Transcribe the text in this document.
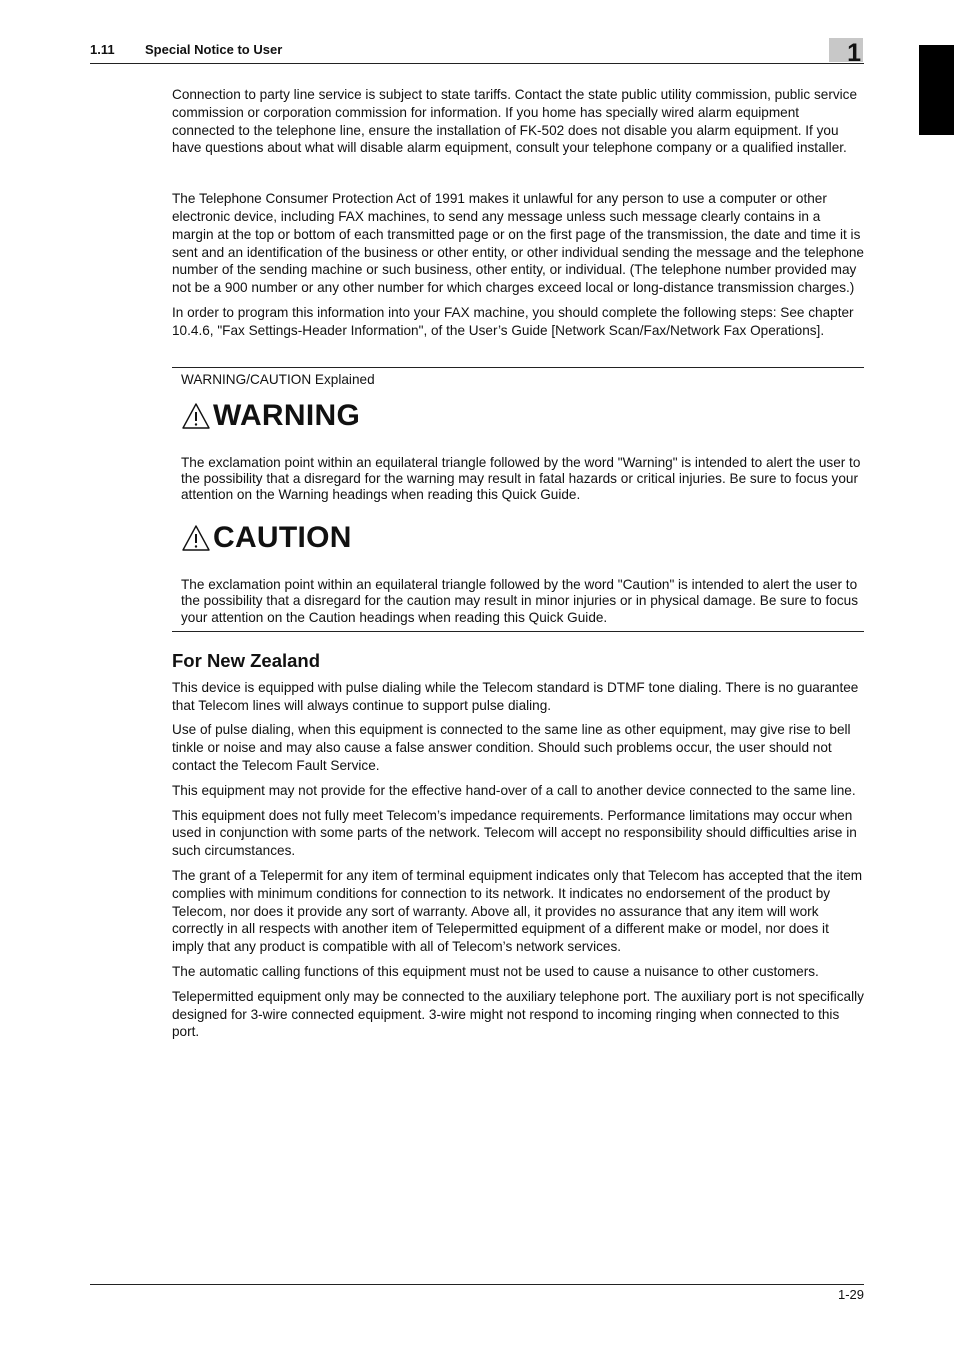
1.11 Special Notice to User	1

Connection to party line service is subject to state tariffs. Contact the state public utility commission, public service commission or corporation commission for information. If you home has specially wired alarm equipment connected to the telephone line, ensure the installation of FK-502 does not disable you alarm equipment. If you have questions about what will disable alarm equipment, consult your telephone company or a qualified installer.

The Telephone Consumer Protection Act of 1991 makes it unlawful for any person to use a computer or other electronic device, including FAX machines, to send any message unless such message clearly contains in a margin at the top or bottom of each transmitted page or on the first page of the transmission, the date and time it is sent and an identification of the business or other entity, or other individual sending the message and the telephone number of the sending machine or such business, other entity, or individual. (The telephone number provided may not be a 900 number or any other number for which charges exceed local or long-distance transmission charges.)

In order to program this information into your FAX machine, you should complete the following steps: See chapter 10.4.6, "Fax Settings-Header Information", of the User’s Guide [Network Scan/Fax/Network Fax Operations].

WARNING/CAUTION Explained
WARNING
The exclamation point within an equilateral triangle followed by the word "Warning" is intended to alert the user to the possibility that a disregard for the warning may result in fatal hazards or critical injuries. Be sure to focus your attention on the Warning headings when reading this Quick Guide.
CAUTION
The exclamation point within an equilateral triangle followed by the word "Caution" is intended to alert the user to the possibility that a disregard for the caution may result in minor injuries or in physical damage. Be sure to focus your attention on the Caution headings when reading this Quick Guide.
For New Zealand

This device is equipped with pulse dialing while the Telecom standard is DTMF tone dialing. There is no guarantee that Telecom lines will always continue to support pulse dialing.

Use of pulse dialing, when this equipment is connected to the same line as other equipment, may give rise to bell tinkle or noise and may also cause a false answer condition. Should such problems occur, the user should not contact the Telecom Fault Service.

This equipment may not provide for the effective hand-over of a call to another device connected to the same line.

This equipment does not fully meet Telecom’s impedance requirements. Performance limitations may occur when used in conjunction with some parts of the network. Telecom will accept no responsibility should difficulties arise in such circumstances.

The grant of a Telepermit for any item of terminal equipment indicates only that Telecom has accepted that the item complies with minimum conditions for connection to its network. It indicates no endorsement of the product by Telecom, nor does it provide any sort of warranty. Above all, it provides no assurance that any item will work correctly in all respects with another item of Telepermitted equipment of a different make or model, nor does it imply that any product is compatible with all of Telecom’s network services.

The automatic calling functions of this equipment must not be used to cause a nuisance to other customers.

Telepermitted equipment only may be connected to the auxiliary telephone port. The auxiliary port is not specifically designed for 3-wire connected equipment. 3-wire might not respond to incoming ringing when connected to this port.

1-29
